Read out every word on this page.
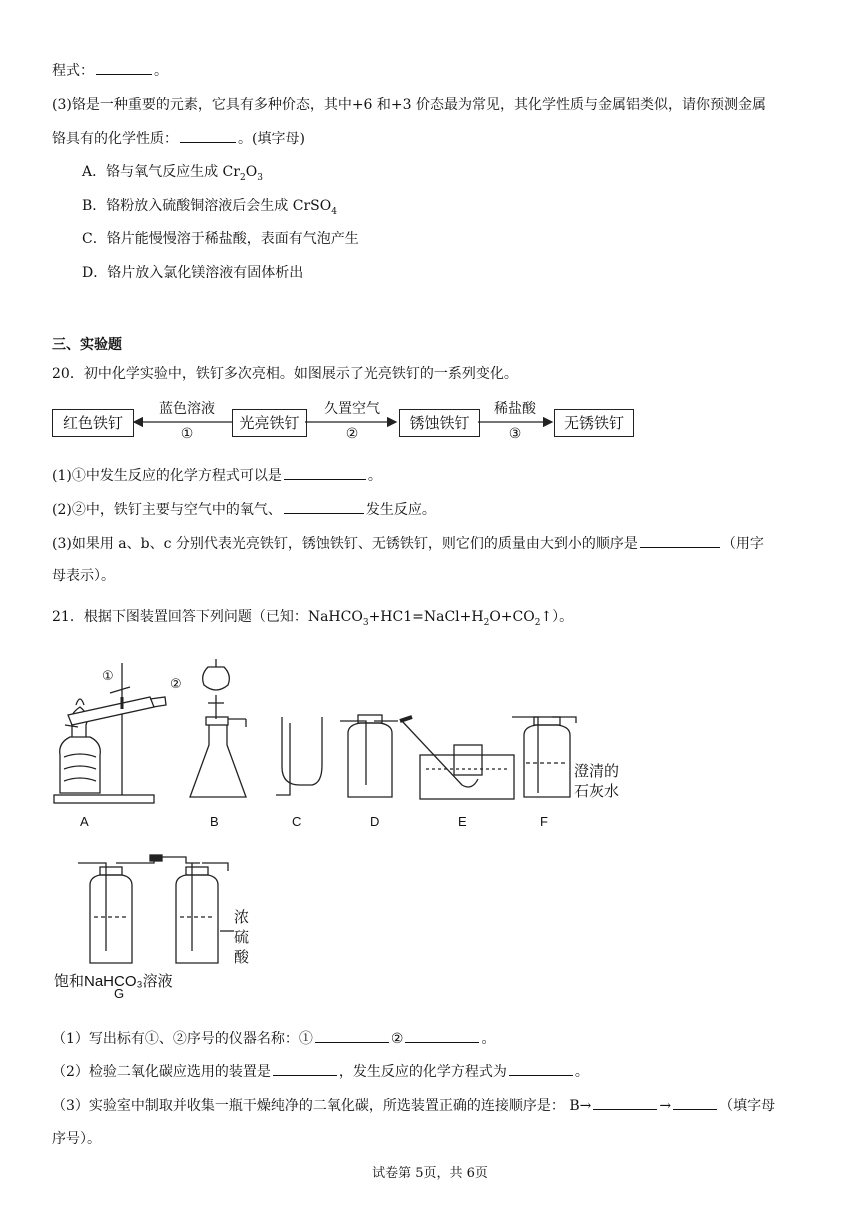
程式：	。
(3)铬是一种重要的元素，它具有多种价态，其中+6 和+3 价态最为常见，其化学性质与金属铝类似，请你预测金属
铬具有的化学性质：	。(填字母)
A．铬与氧气反应生成 $Cr_2O_3$
B．铬粉放入硫酸铜溶液后会生成 CrSO$_4$
C．铬片能慢慢溶于稀盐酸，表面有气泡产生
D．铬片放入氯化镁溶液有固体析出
三、实验题
20．初中化学实验中，铁钉多次亮相。如图展示了光亮铁钉的一系列变化。
红色铁钉	光亮铁钉	锈蚀铁钉	无锈铁钉
蓝色溶液
①
久置空气
②
稀盐酸
③
(1)①中发生反应的化学方程式可以是	。
(2)②中，铁钉主要与空气中的氧气、	发生反应。
(3)如果用 a、b、c 分别代表光亮铁钉，锈蚀铁钉、无锈铁钉，则它们的质量由大到小的顺序是	（用字
母表示）。
21．根据下图装置回答下列问题（已知：$NaHCO_3+HC1=NaCl+H_2O+CO_2↑$）。
①
②
A	B	C	D	E	F
澄清的
石灰水
饱和NaHCO₃溶液
G
浓
硫
酸
（1）写出标有①、②序号的仪器名称：①	②	。
（2）检验二氧化碳应选用的装置是	，发生反应的化学方程式为	。
（3）实验室中制取并收集一瓶干燥纯净的二氧化碳，所选装置正确的连接顺序是： B→	→	（填字母
序号）。
试卷第 5页，共 6页
